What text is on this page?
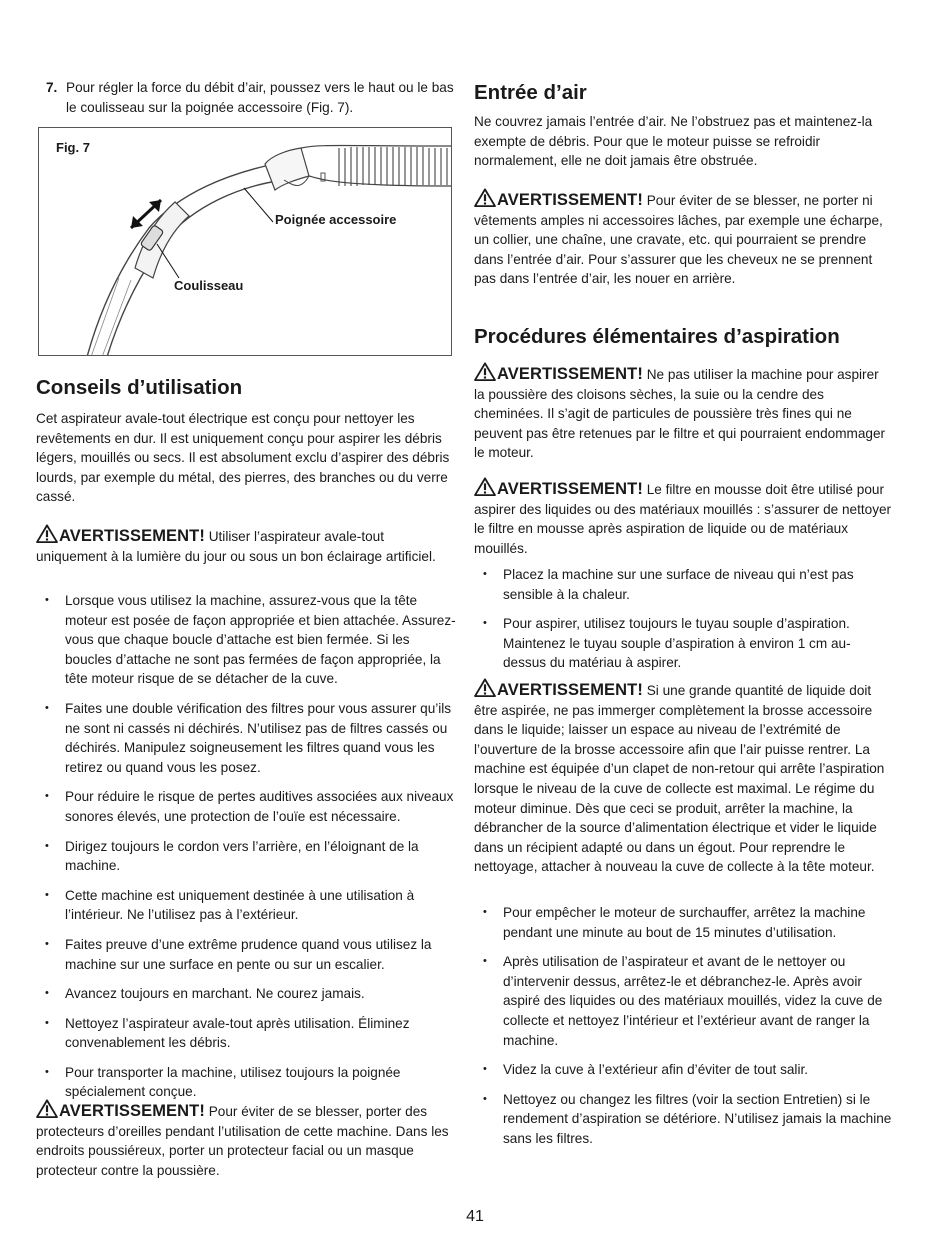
7. Pour régler la force du débit d’air, poussez vers le haut ou le bas le coulisseau sur la poignée accessoire (Fig. 7).

Fig. 7
Poignée accessoire
Coulisseau
Conseils d’utilisation

Cet aspirateur avale-tout électrique est conçu pour nettoyer les revêtements en dur. Il est uniquement conçu pour aspirer les débris légers, mouillés ou secs. Il est absolument exclu d’aspirer des débris lourds, par exemple du métal, des pierres, des branches ou du verre cassé.

AVERTISSEMENT! Utiliser l’aspirateur avale-tout uniquement à la lumière du jour ou sous un bon éclairage artificiel.

• Lorsque vous utilisez la machine, assurez-vous que la tête moteur est posée de façon appropriée et bien attachée. Assurez-vous que chaque boucle d’attache est bien fermée. Si les boucles d’attache ne sont pas fermées de façon appropriée, la tête moteur risque de se détacher de la cuve.
• Faites une double vérification des filtres pour vous assurer qu’ils ne sont ni cassés ni déchirés. N’utilisez pas de filtres cassés ou déchirés. Manipulez soigneusement les filtres quand vous les retirez ou quand vous les posez.
• Pour réduire le risque de pertes auditives associées aux niveaux sonores élevés, une protection de l’ouïe est nécessaire.
• Dirigez toujours le cordon vers l’arrière, en l’éloignant de la machine.
• Cette machine est uniquement destinée à une utilisation à l’intérieur. Ne l’utilisez pas à l’extérieur.
• Faites preuve d’une extrême prudence quand vous utilisez la machine sur une surface en pente ou sur un escalier.
• Avancez toujours en marchant. Ne courez jamais.
• Nettoyez l’aspirateur avale-tout après utilisation. Éliminez convenablement les débris.
• Pour transporter la machine, utilisez toujours la poignée spécialement conçue.

AVERTISSEMENT! Pour éviter de se blesser, porter des protecteurs d’oreilles pendant l’utilisation de cette machine. Dans les endroits poussiéreux, porter un protecteur facial ou un masque protecteur contre la poussière.

Entrée d’air

Ne couvrez jamais l’entrée d’air. Ne l’obstruez pas et maintenez-la exempte de débris. Pour que le moteur puisse se refroidir normalement, elle ne doit jamais être obstruée.

AVERTISSEMENT! Pour éviter de se blesser, ne porter ni vêtements amples ni accessoires lâches, par exemple une écharpe, un collier, une chaîne, une cravate, etc. qui pourraient se prendre dans l’entrée d’air. Pour s’assurer que les cheveux ne se prennent pas dans l’entrée d’air, les nouer en arrière.

Procédures élémentaires d’aspiration

AVERTISSEMENT! Ne pas utiliser la machine pour aspirer la poussière des cloisons sèches, la suie ou la cendre des cheminées. Il s’agit de particules de poussière très fines qui ne peuvent pas être retenues par le filtre et qui pourraient endommager le moteur.

AVERTISSEMENT! Le filtre en mousse doit être utilisé pour aspirer des liquides ou des matériaux mouillés : s’assurer de nettoyer le filtre en mousse après aspiration de liquide ou de matériaux mouillés.

• Placez la machine sur une surface de niveau qui n’est pas sensible à la chaleur.
• Pour aspirer, utilisez toujours le tuyau souple d’aspiration. Maintenez le tuyau souple d’aspiration à environ 1 cm au-dessus du matériau à aspirer.

AVERTISSEMENT! Si une grande quantité de liquide doit être aspirée, ne pas immerger complètement la brosse accessoire dans le liquide; laisser un espace au niveau de l’extrémité de l’ouverture de la brosse accessoire afin que l’air puisse rentrer. La machine est équipée d’un clapet de non-retour qui arrête l’aspiration lorsque le niveau de la cuve de collecte est maximal. Le régime du moteur diminue. Dès que ceci se produit, arrêter la machine, la débrancher de la source d’alimentation électrique et vider le liquide dans un récipient adapté ou dans un égout. Pour reprendre le nettoyage, attacher à nouveau la cuve de collecte à la tête moteur.

• Pour empêcher le moteur de surchauffer, arrêtez la machine pendant une minute au bout de 15 minutes d’utilisation.
• Après utilisation de l’aspirateur et avant de le nettoyer ou d’intervenir dessus, arrêtez-le et débranchez-le. Après avoir aspiré des liquides ou des matériaux mouillés, videz la cuve de collecte et nettoyez l’intérieur et l’extérieur avant de ranger la machine.
• Videz la cuve à l’extérieur afin d’éviter de tout salir.
• Nettoyez ou changez les filtres (voir la section Entretien) si le rendement d’aspiration se détériore. N’utilisez jamais la machine sans les filtres.
41
